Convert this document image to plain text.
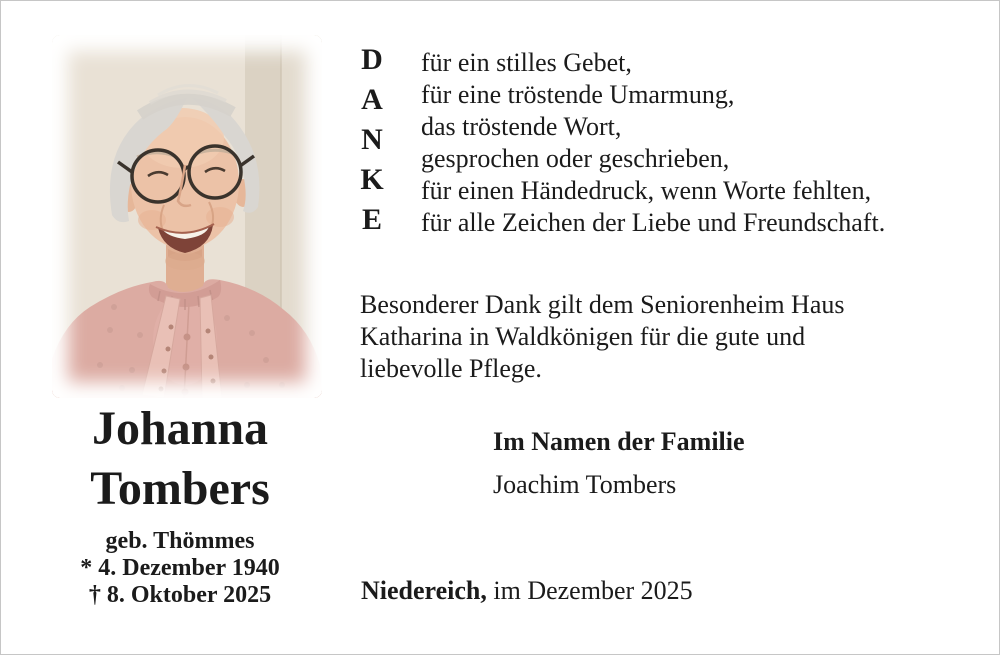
D
A
N
K
E
für ein stilles Gebet,
für eine tröstende Umarmung,
das tröstende Wort,
gesprochen oder geschrieben,
für einen Händedruck, wenn Worte fehlten,
für alle Zeichen der Liebe und Freundschaft.
Besonderer Dank gilt dem Seniorenheim Haus
Katharina in Waldkönigen für die gute und
liebevolle Pflege.
Johanna
Tombers
geb. Thömmes
* 4. Dezember 1940
† 8. Oktober 2025
Im Namen der Familie
Joachim Tombers
Niedereich, im Dezember 2025
